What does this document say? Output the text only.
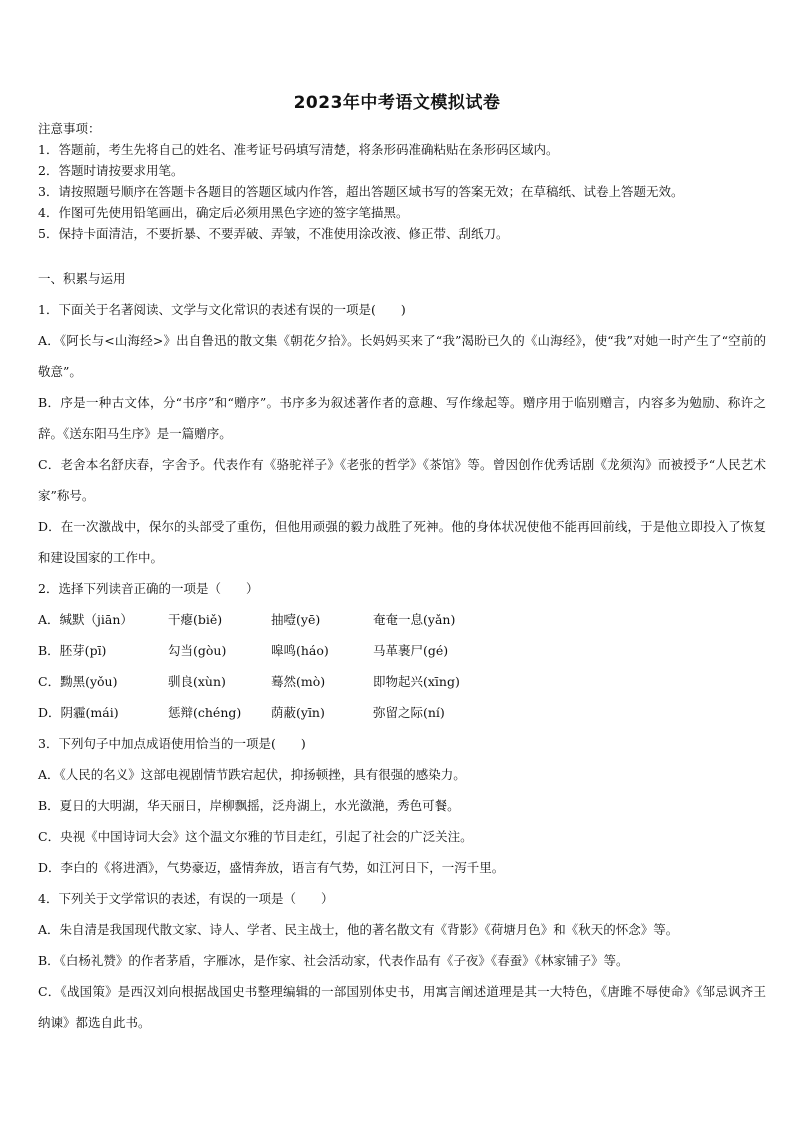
2023年中考语文模拟试卷
注意事项：
1．答题前，考生先将自己的姓名、准考证号码填写清楚，将条形码准确粘贴在条形码区域内。
2．答题时请按要求用笔。
3．请按照题号顺序在答题卡各题目的答题区域内作答，超出答题区域书写的答案无效；在草稿纸、试卷上答题无效。
4．作图可先使用铅笔画出，确定后必须用黑色字迹的签字笔描黑。
5．保持卡面清洁，不要折暴、不要弄破、弄皱，不准使用涂改液、修正带、刮纸刀。

一、积累与运用

1．下面关于名著阅读、文学与文化常识的表述有误的一项是(　　)

A．《阿长与<山海经>》出自鲁迅的散文集《朝花夕拾》。长妈妈买来了“我”渴盼已久的《山海经》，使“我”对她一时产生了“空前的敬意”。

B．序是一种古文体，分“书序”和“赠序”。书序多为叙述著作者的意趣、写作缘起等。赠序用于临别赠言，内容多为勉励、称许之辞。《送东阳马生序》是一篇赠序。

C．老舍本名舒庆春，字舍予。代表作有《骆驼祥子》《老张的哲学》《茶馆》等。曾因创作优秀话剧《龙须沟》而被授予“人民艺术家”称号。

D．在一次激战中，保尔的头部受了重伤，但他用顽强的毅力战胜了死神。他的身体状况使他不能再回前线，于是他立即投入了恢复和建设国家的工作中。

2．选择下列读音正确的一项是（　　）

A．缄默（jiān）	干瘪(biě)	抽噎(yē)	奄奄一息(yǎn)
B．胚芽(pī)	勾当(gòu)	嗥鸣(háo)	马革裹尸(gé)
C．黝黑(yǒu)	驯良(xùn)	蓦然(mò)	即物起兴(xīng)
D．阴霾(mái)	惩辩(chéng)	荫蔽(yīn)	弥留之际(ní)

3．下列句子中加点成语使用恰当的一项是(　　)

A．《人民的名义》这部电视剧情节跌宕起伏，抑扬顿挫，具有很强的感染力。

B．夏日的大明湖，华天丽日，岸柳飘摇，泛舟湖上，水光潋滟，秀色可餐。

C．央视《中国诗词大会》这个温文尔雅的节目走红，引起了社会的广泛关注。

D．李白的《将进酒》，气势豪迈，盛情奔放，语言有气势，如江河日下，一泻千里。

4．下列关于文学常识的表述，有误的一项是（　　）

A．朱自清是我国现代散文家、诗人、学者、民主战士，他的著名散文有《背影》《荷塘月色》和《秋天的怀念》等。

B．《白杨礼赞》的作者茅盾，字雁冰，是作家、社会活动家，代表作品有《子夜》《春蚕》《林家铺子》等。

C．《战国策》是西汉刘向根据战国史书整理编辑的一部国别体史书，用寓言阐述道理是其一大特色，《唐雎不辱使命》《邹忌讽齐王纳谏》都选自此书。
